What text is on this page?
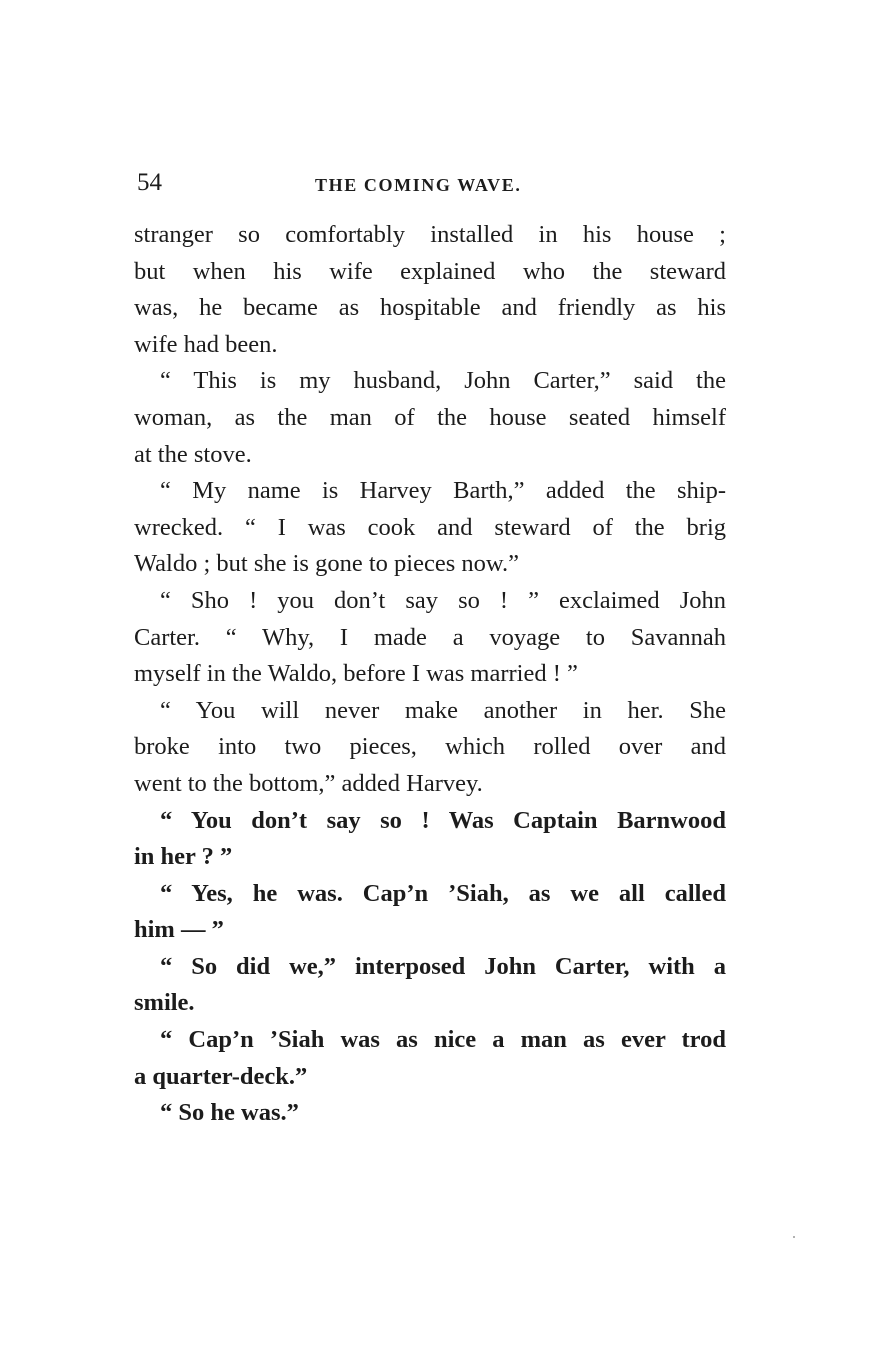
54	THE COMING WAVE.
stranger so comfortably installed in his house ;
but when his wife explained who the steward
was, he became as hospitable and friendly as his
wife had been.
“ This is my husband, John Carter,” said the
woman, as the man of the house seated himself
at the stove.
“ My name is Harvey Barth,” added the ship-
wrecked. “ I was cook and steward of the brig
Waldo ; but she is gone to pieces now.”
“ Sho ! you don’t say so ! ” exclaimed John
Carter. “ Why, I made a voyage to Savannah
myself in the Waldo, before I was married ! ”
“ You will never make another in her. She
broke into two pieces, which rolled over and
went to the bottom,” added Harvey.
“ You don’t say so ! Was Captain Barnwood
in her ? ”
“ Yes, he was. Cap’n ’Siah, as we all called
him — ”
“ So did we,” interposed John Carter, with a
smile.
“ Cap’n ’Siah was as nice a man as ever trod
a quarter-deck.”
“ So he was.”
